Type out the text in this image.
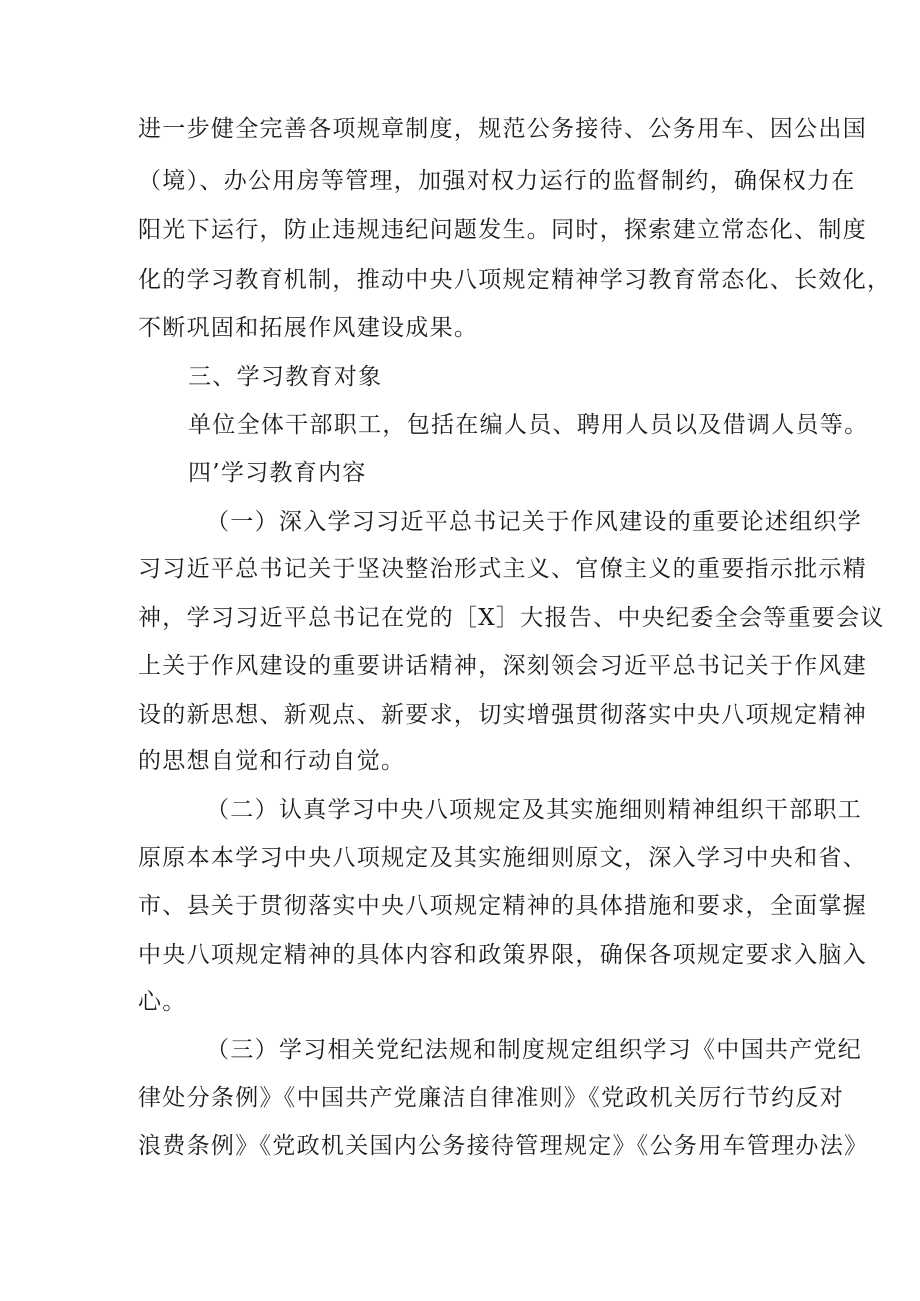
进一步健全完善各项规章制度，规范公务接待、公务用车、因公出国
（境）、办公用房等管理，加强对权力运行的监督制约，确保权力在
阳光下运行，防止违规违纪问题发生。同时，探索建立常态化、制度
化的学习教育机制，推动中央八项规定精神学习教育常态化、长效化，
不断巩固和拓展作风建设成果。
三、学习教育对象
单位全体干部职工，包括在编人员、聘用人员以及借调人员等。
四’学习教育内容
（一）深入学习习近平总书记关于作风建设的重要论述组织学
习习近平总书记关于坚决整治形式主义、官僚主义的重要指示批示精
神，学习习近平总书记在党的［X］大报告、中央纪委全会等重要会议
上关于作风建设的重要讲话精神，深刻领会习近平总书记关于作风建
设的新思想、新观点、新要求，切实增强贯彻落实中央八项规定精神
的思想自觉和行动自觉。
（二）认真学习中央八项规定及其实施细则精神组织干部职工
原原本本学习中央八项规定及其实施细则原文，深入学习中央和省、
市、县关于贯彻落实中央八项规定精神的具体措施和要求，全面掌握
中央八项规定精神的具体内容和政策界限，确保各项规定要求入脑入
心。
（三）学习相关党纪法规和制度规定组织学习《中国共产党纪
律处分条例》《中国共产党廉洁自律准则》《党政机关厉行节约反对
浪费条例》《党政机关国内公务接待管理规定》《公务用车管理办法》
